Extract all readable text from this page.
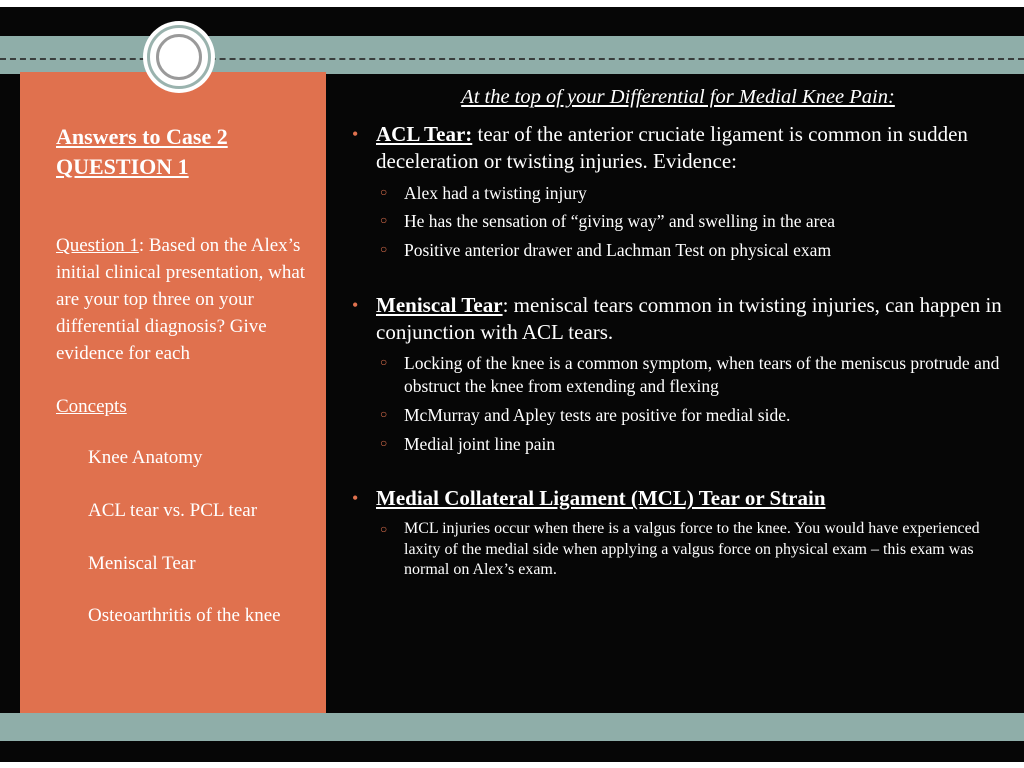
Answers to Case 2
QUESTION 1

Question 1: Based on the Alex’s initial clinical presentation, what are your top three on your differential diagnosis? Give evidence for each

Concepts

Knee Anatomy
ACL tear vs. PCL tear
Meniscal Tear
Osteoarthritis of the knee
At the top of your Differential for Medial Knee Pain:
• ACL Tear: tear of the anterior cruciate ligament is common in sudden deceleration or twisting injuries. Evidence:
○ Alex had a twisting injury
○ He has the sensation of “giving way” and swelling in the area
○ Positive anterior drawer and Lachman Test on physical exam
• Meniscal Tear: meniscal tears common in twisting injuries, can happen in conjunction with ACL tears.
○ Locking of the knee is a common symptom, when tears of the meniscus protrude and obstruct the knee from extending and flexing
○ McMurray and Apley tests are positive for medial side.
○ Medial joint line pain
• Medial Collateral Ligament (MCL) Tear or Strain
○	MCL injuries occur when there is a valgus force to the knee. You would have experienced laxity of the medial side when applying a valgus force on physical exam – this exam was normal on Alex’s exam.
